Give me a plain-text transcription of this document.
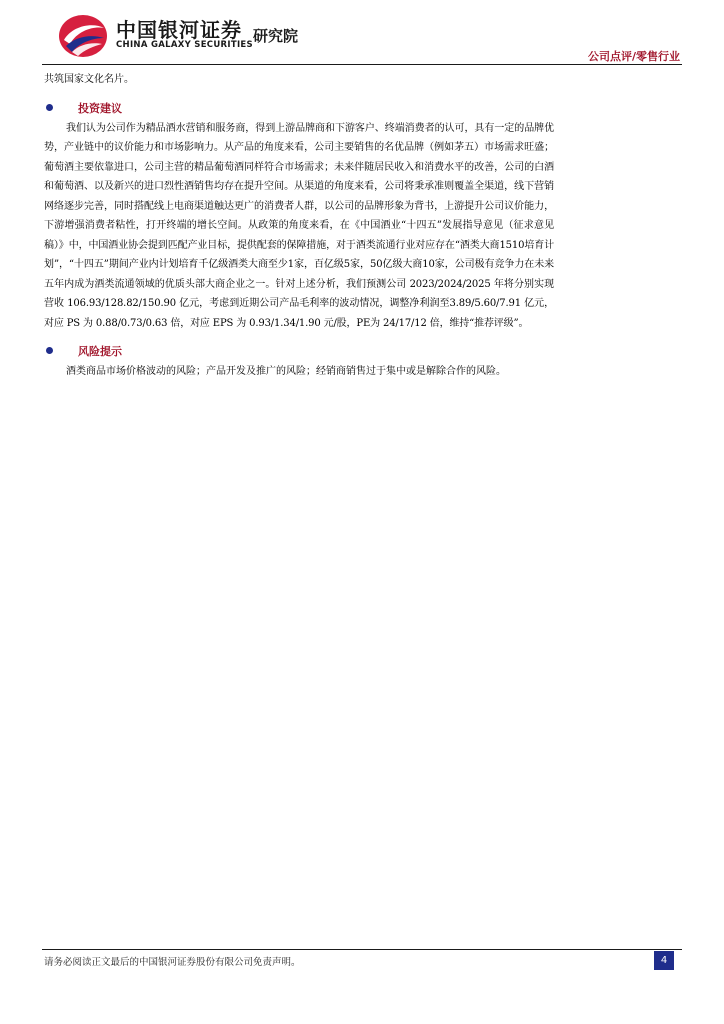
中国银河证券 研究院
CHINA GALAXY SECURITIES
公司点评/零售行业

共筑国家文化名片。

投资建议

我们认为公司作为精品酒水营销和服务商，得到上游品牌商和下游客户、终端消费者的认可，具有一定的品牌优势，产业链中的议价能力和市场影响力。从产品的角度来看，公司主要销售的名优品牌（例如茅五）市场需求旺盛；葡萄酒主要依靠进口，公司主营的精品葡萄酒同样符合市场需求；未来伴随居民收入和消费水平的改善，公司的白酒和葡萄酒、以及新兴的进口烈性酒销售均存在提升空间。从渠道的角度来看，公司将秉承准则覆盖全渠道，线下营销网络逐步完善，同时搭配线上电商渠道触达更广的消费者人群，以公司的品牌形象为背书，上游提升公司议价能力，下游增强消费者粘性，打开终端的增长空间。从政策的角度来看，在《中国酒业“十四五”发展指导意见（征求意见稿）》中，中国酒业协会提到匹配产业目标，提供配套的保障措施，对于酒类流通行业对应存在“酒类大商1510培育计划”，“十四五”期间产业内计划培育千亿级酒类大商至少1家，百亿级5家，50亿级大商10家，公司极有竞争力在未来五年内成为酒类流通领域的优质头部大商企业之一。针对上述分析，我们预测公司 2023/2024/2025 年将分别实现营收 106.93/128.82/150.90 亿元，考虑到近期公司产品毛利率的波动情况，调整净利润至3.89/5.60/7.91 亿元，对应 PS 为 0.88/0.73/0.63 倍，对应 EPS 为 0.93/1.34/1.90 元/股，PE为 24/17/12 倍，维持“推荐评级”。

风险提示

酒类商品市场价格波动的风险；产品开发及推广的风险；经销商销售过于集中或是解除合作的风险。

请务必阅读正文最后的中国银河证券股份有限公司免责声明。	4
